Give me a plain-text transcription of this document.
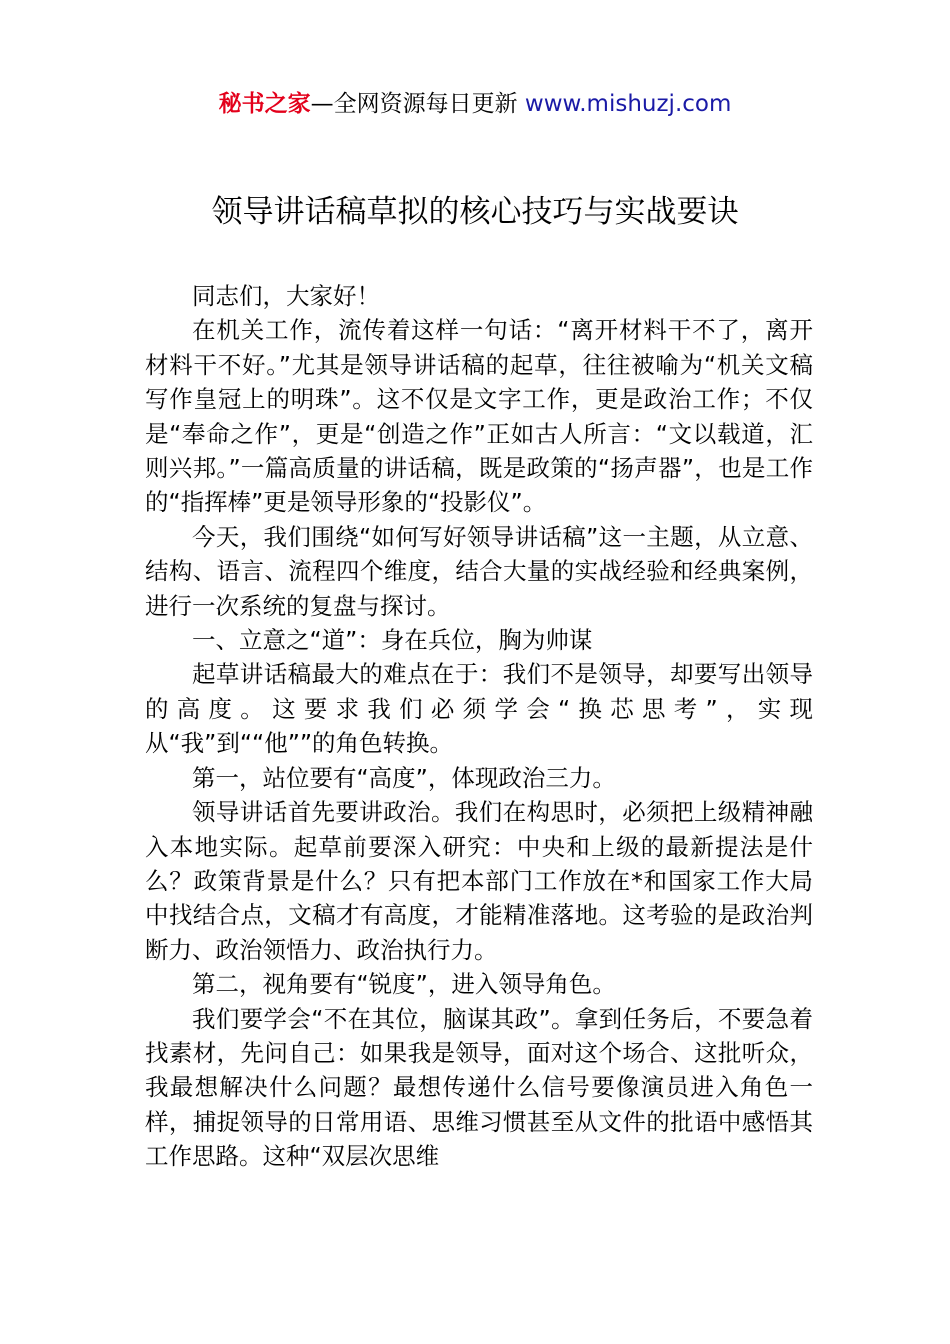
秘书之家—全网资源每日更新 www.mishuzj.com
领导讲话稿草拟的核心技巧与实战要诀

同志们，大家好！

在机关工作，流传着这样一句话：“离开材料干不了，离开材料干不好。”尤其是领导讲话稿的起草，往往被喻为“机关文稿写作皇冠上的明珠”。这不仅是文字工作，更是政治工作；不仅是“奉命之作”，更是“创造之作”正如古人所言：“文以载道，汇则兴邦。”一篇高质量的讲话稿，既是政策的“扬声器”，也是工作的“指挥棒”更是领导形象的“投影仪”。

今天，我们围绕“如何写好领导讲话稿”这一主题，从立意、结构、语言、流程四个维度，结合大量的实战经验和经典案例，进行一次系统的复盘与探讨。

一、立意之“道”：身在兵位，胸为帅谋

起草讲话稿最大的难点在于：我们不是领导，却要写出领导的高度。这要求我们必须学会“换芯思考”，实现从“我”到““他””的角色转换。

第一，站位要有“高度”，体现政治三力。

领导讲话首先要讲政治。我们在构思时，必须把上级精神融入本地实际。起草前要深入研究：中央和上级的最新提法是什么？政策背景是什么？只有把本部门工作放在*和国家工作大局中找结合点，文稿才有高度，才能精准落地。这考验的是政治判断力、政治领悟力、政治执行力。

第二，视角要有“锐度”，进入领导角色。

我们要学会“不在其位，脑谋其政”。拿到任务后，不要急着找素材，先问自己：如果我是领导，面对这个场合、这批听众，我最想解决什么问题？最想传递什么信号要像演员进入角色一样，捕捉领导的日常用语、思维习惯甚至从文件的批语中感悟其工作思路。这种“双层次思维
